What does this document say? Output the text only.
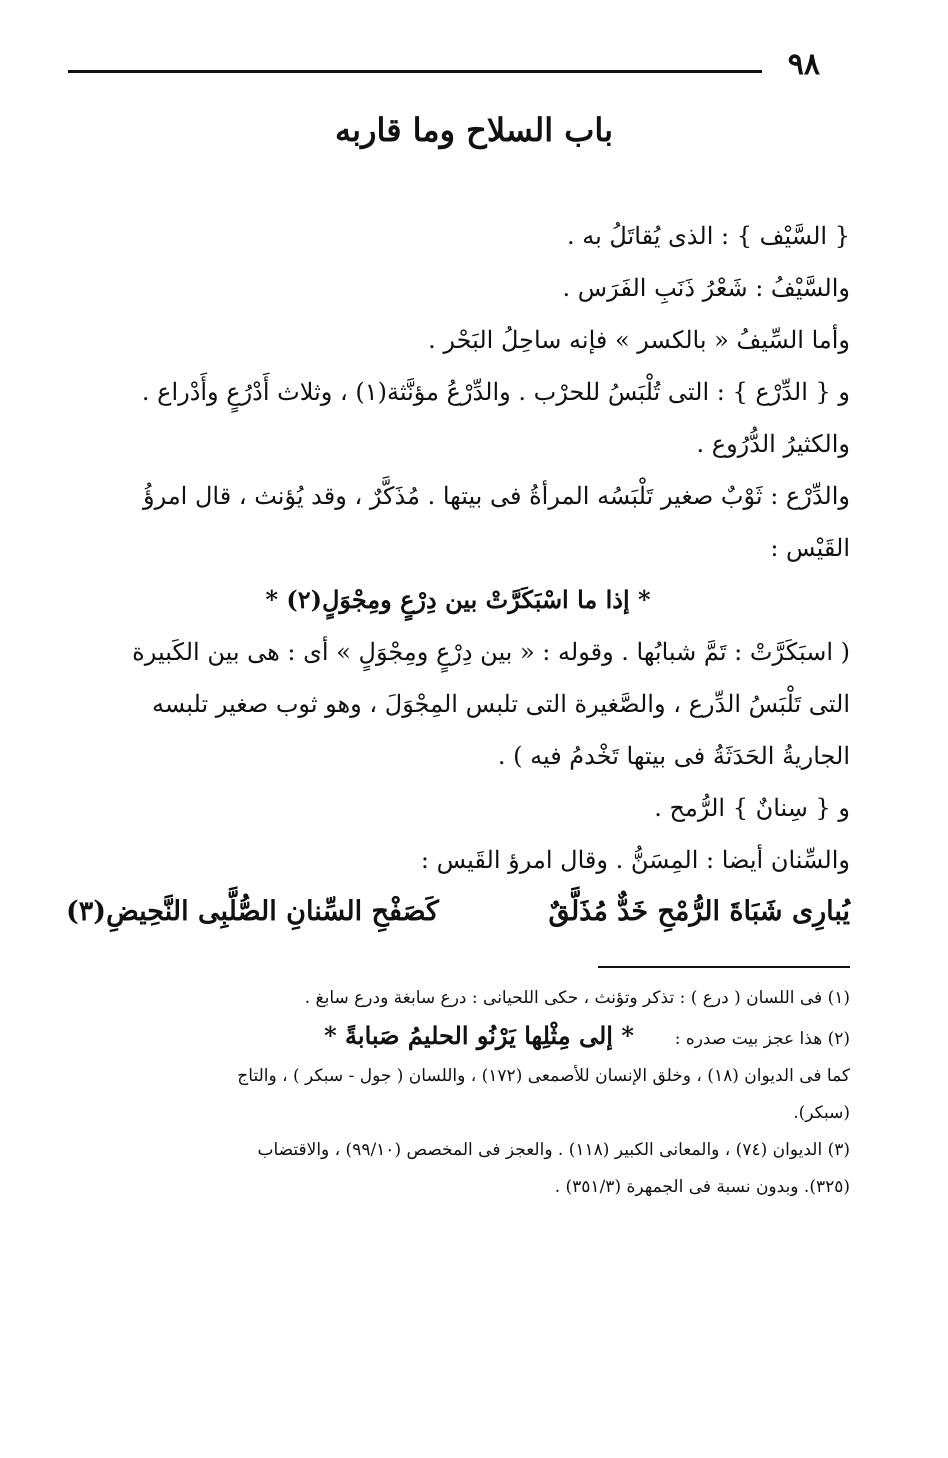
٩٨
باب السلاح وما قاربه
{ السَّيْف } : الذى يُقاتَلُ به .
والسَّيْفُ : شَعْرُ ذَنَبِ الفَرَس .
وأما السِّيفُ « بالكسر » فإنه ساحِلُ البَحْر .
و { الدِّرْع } : التى تُلْبَسُ للحرْب . والدِّرْعُ مؤنَّثة(١) ، وثلاث أَدْرُعٍ وأَدْراع .
والكثيرُ الدُّرُوع .
والدِّرْع : ثَوْبٌ صغير تَلْبَسُه المرأةُ فى بيتها . مُذَكَّرٌ ، وقد يُؤنث ، قال امرؤُ
القَيْس :
* إذا ما اسْبَكَرَّتْ بين دِرْعٍ ومِجْوَلٍ(٢) *
( اسبَكَرَّتْ : تَمَّ شبابُها . وقوله : « بين دِرْعٍ ومِجْوَلٍ » أى : هى بين الكَبيرة
التى تَلْبَسُ الدِّرع ، والصَّغيرة التى تلبس المِجْوَلَ ، وهو ثوب صغير تلبسه
الجاريةُ الحَدَثَةُ فى بيتها تَخْدمُ فيه ) .
و { سِنانٌ } الرُّمح .
والسِّنان أيضا : المِسَنُّ . وقال امرؤ القَيس :
يُبارِى شَبَاةَ الرُّمْحِ خَدٌّ مُذَلَّقٌ
كَصَفْحِ السِّنانِ الصُّلَّبِى النَّحِيضِ(٣)
(١) فى اللسان ( درع ) : تذكر وتؤنث ، حكى اللحيانى : درع سابغة ودرع سابغ .
(٢) هذا عجز بيت صدره :  * إلى مِثْلِها يَرْنُو الحليمُ صَبابةً *
كما فى الديوان (١٨) ، وخلق الإنسان للأصمعى (١٧٢) ، واللسان ( جول - سبكر ) ، والتاج
(سبكر).
(٣) الديوان (٧٤) ، والمعانى الكبير (١١٨) . والعجز فى المخصص (٩٩/١٠) ، والاقتضاب
(٣٢٥). وبدون نسبة فى الجمهرة (٣٥١/٣) .
